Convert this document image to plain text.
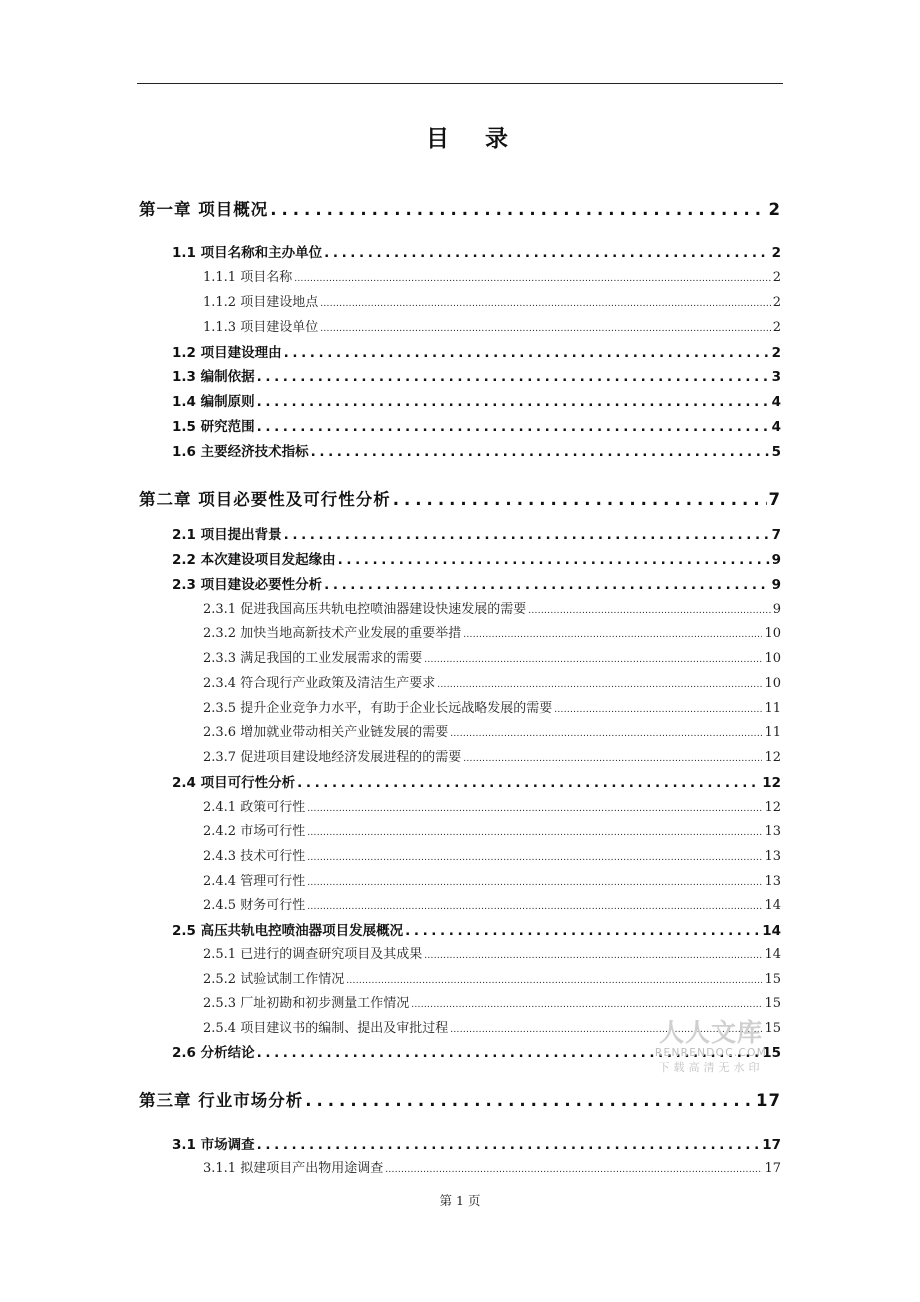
目 录
第一章 项目概况 .....	2
1.1 项目名称和主办单位 .....	2
1.1.1 项目名称 .....	2
1.1.2 项目建设地点 .....	2
1.1.3 项目建设单位 .....	2
1.2 项目建设理由 .....	2
1.3 编制依据 .....	3
1.4 编制原则 .....	4
1.5 研究范围 .....	4
1.6 主要经济技术指标 .....	5
第二章 项目必要性及可行性分析 .....	7
2.1 项目提出背景 .....	7
2.2 本次建设项目发起缘由 .....	9
2.3 项目建设必要性分析 .....	9
2.3.1 促进我国高压共轨电控喷油器建设快速发展的需要 .....	9
2.3.2 加快当地高新技术产业发展的重要举措 .....	10
2.3.3 满足我国的工业发展需求的需要 .....	10
2.3.4 符合现行产业政策及清洁生产要求 .....	10
2.3.5 提升企业竞争力水平，有助于企业长远战略发展的需要 .....	11
2.3.6 增加就业带动相关产业链发展的需要 .....	11
2.3.7 促进项目建设地经济发展进程的的需要 .....	12
2.4 项目可行性分析 .....	12
2.4.1 政策可行性 .....	12
2.4.2 市场可行性 .....	13
2.4.3 技术可行性 .....	13
2.4.4 管理可行性 .....	13
2.4.5 财务可行性 .....	14
2.5 高压共轨电控喷油器项目发展概况 .....	14
2.5.1 已进行的调查研究项目及其成果 .....	14
2.5.2 试验试制工作情况 .....	15
2.5.3 厂址初勘和初步测量工作情况 .....	15
2.5.4 项目建议书的编制、提出及审批过程 .....	15
2.6 分析结论 .....	15
第三章 行业市场分析 .....	17
3.1 市场调查 .....	17
3.1.1 拟建项目产出物用途调查 .....	17
第 1 页
人人文库
RENRENDOC.COM
下载高清无水印
